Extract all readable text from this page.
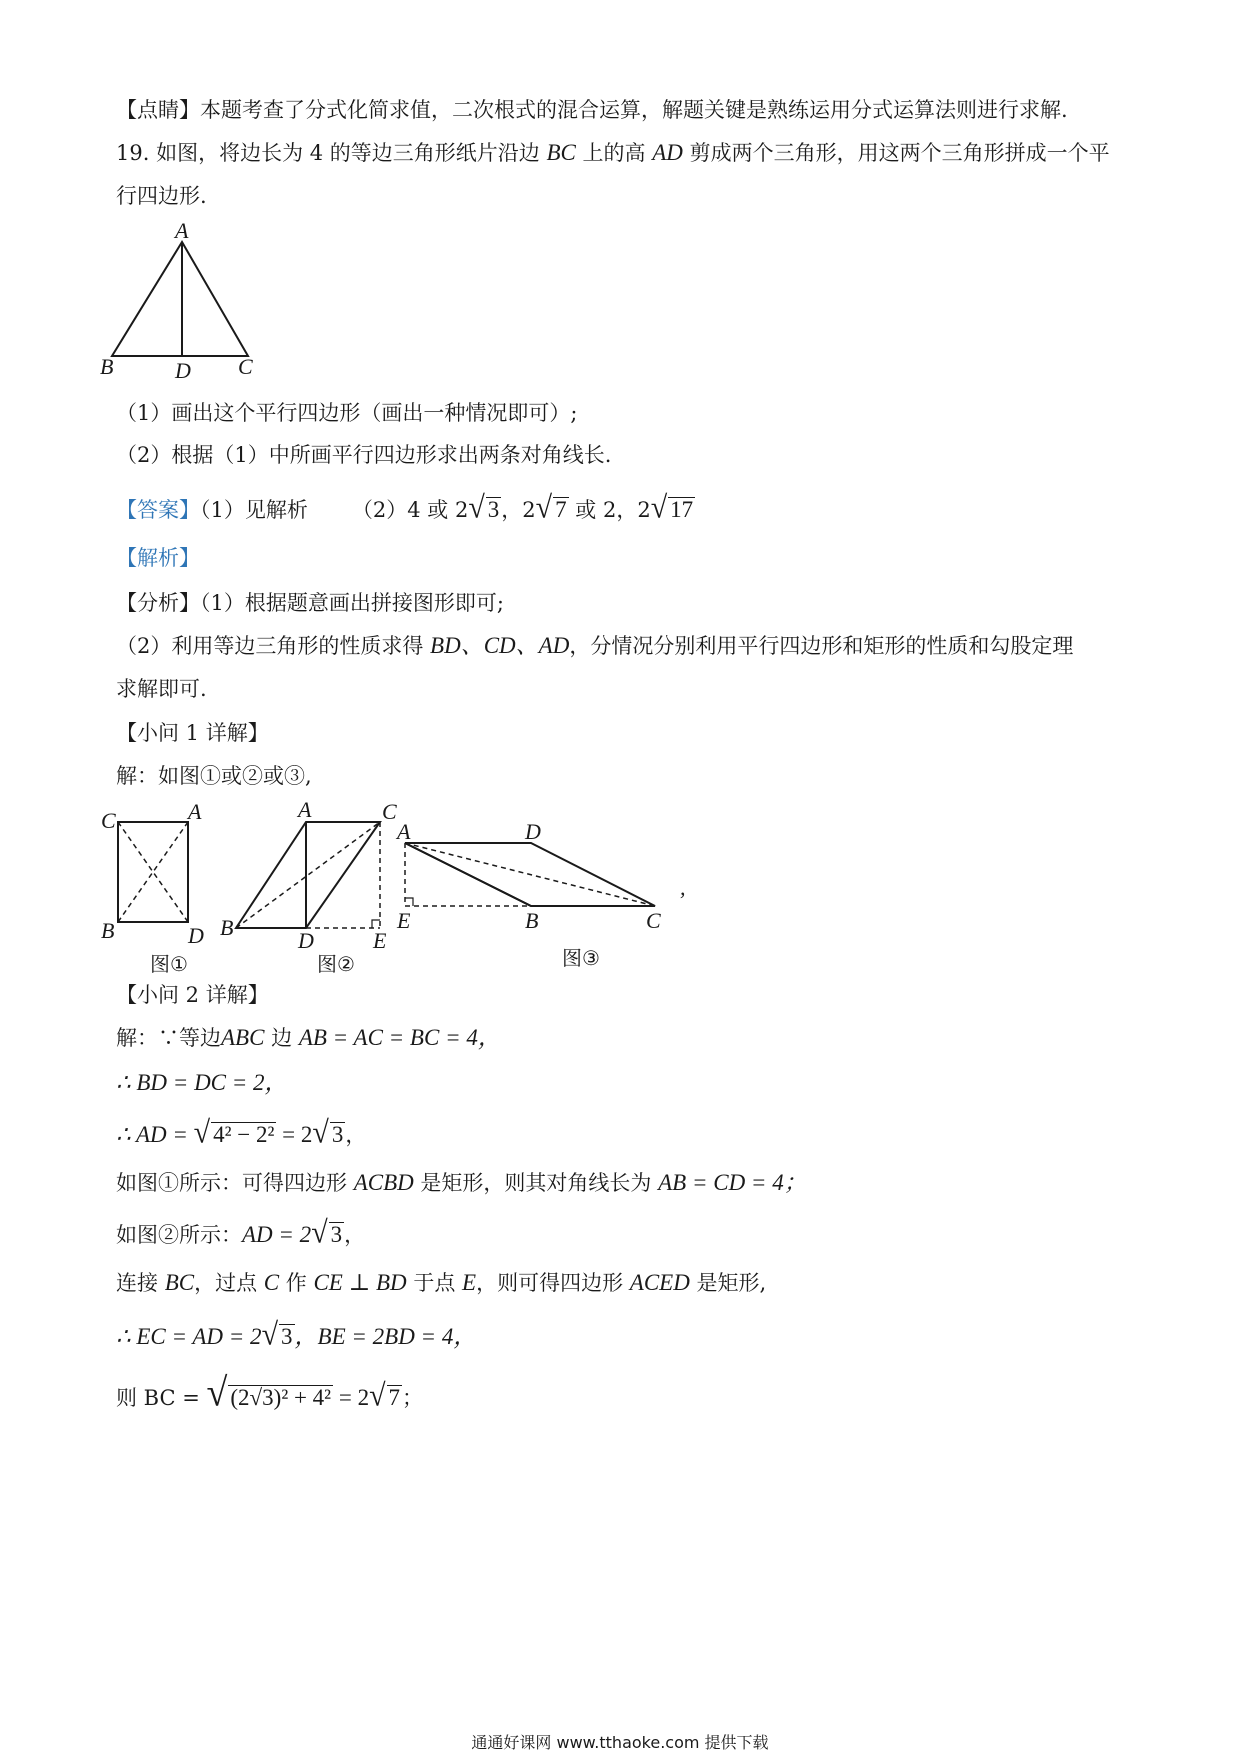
【点睛】本题考查了分式化简求值，二次根式的混合运算，解题关键是熟练运用分式运算法则进行求解.
19. 如图，将边长为 4 的等边三角形纸片沿边 BC 上的高 AD 剪成两个三角形，用这两个三角形拼成一个平
行四边形.
A
B	D C
（1）画出这个平行四边形（画出一种情况即可）;
（2）根据（1）中所画平行四边形求出两条对角线长.
【答案】（1）见解析 （2）4 或 2√ 3，2√ 7 或 2，2√ 17
【解析】
【分析】（1）根据题意画出拼接图形即可;
（2）利用等边三角形的性质求得 BD、CD、AD，分情况分别利用平行四边形和矩形的性质和勾股定理
求解即可.
【小问 1 详解】
解：如图①或②或③,
C	A
B	D
A	C
B
D	E
A	D
E	B	C
,
图①	图②	图③
【小问 2 详解】
解：∵等边ABC 边 AB = AC = BC = 4，
∴ BD = DC = 2，
∴ AD = √ 4² − 2² = 2√ 3，
如图①所示：可得四边形 ACBD 是矩形，则其对角线长为 AB = CD = 4；
如图②所示：AD = 2√ 3，
连接 BC，过点 C 作 CE ⊥ BD 于点 E，则可得四边形 ACED 是矩形,
∴ EC = AD = 2√ 3，BE = 2BD = 4，
则 BC = √ (2√3)² + 4² = 2√ 7；
通通好课网 www.tthaoke.com 提供下载
